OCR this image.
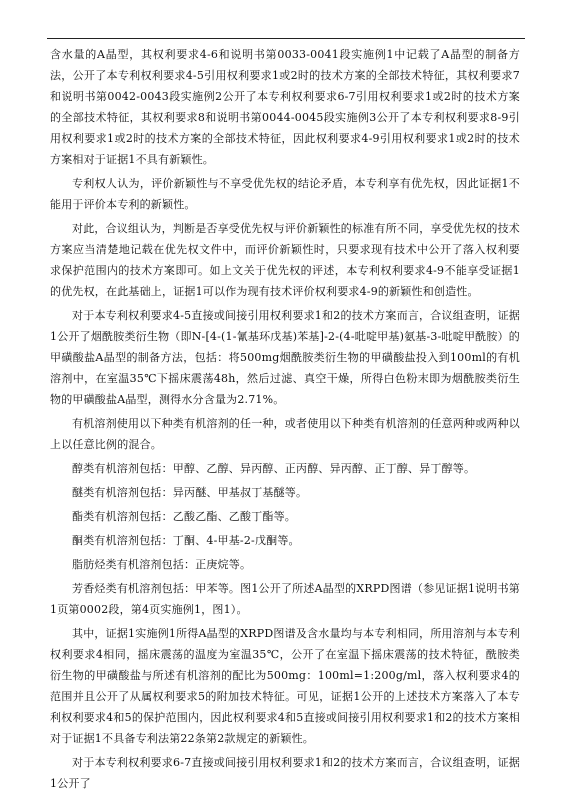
含水量的A晶型，其权利要求4-6和说明书第0033-0041段实施例1中记载了A晶型的制备方法，公开了本专利权利要求4-5引用权利要求1或2时的技术方案的全部技术特征，其权利要求7和说明书第0042-0043段实施例2公开了本专利权利要求6-7引用权利要求1或2时的技术方案的全部技术特征，其权利要求8和说明书第0044-0045段实施例3公开了本专利权利要求8-9引用权利要求1或2时的技术方案的全部技术特征，因此权利要求4-9引用权利要求1或2时的技术方案相对于证据1不具有新颖性。

专利权人认为，评价新颖性与不享受优先权的结论矛盾，本专利享有优先权，因此证据1不能用于评价本专利的新颖性。

对此，合议组认为，判断是否享受优先权与评价新颖性的标准有所不同，享受优先权的技术方案应当清楚地记载在优先权文件中，而评价新颖性时，只要求现有技术中公开了落入权利要求保护范围内的技术方案即可。如上文关于优先权的评述，本专利权利要求4-9不能享受证据1的优先权，在此基础上，证据1可以作为现有技术评价权利要求4-9的新颖性和创造性。

对于本专利权利要求4-5直接或间接引用权利要求1和2的技术方案而言，合议组查明，证据1公开了烟酰胺类衍生物（即N-[4-(1-氰基环戊基)苯基]-2-(4-吡啶甲基)氨基-3-吡啶甲酰胺）的甲磺酸盐A晶型的制备方法，包括：将500mg烟酰胺类衍生物的甲磺酸盐投入到100ml的有机溶剂中，在室温35℃下摇床震荡48h，然后过滤、真空干燥，所得白色粉末即为烟酰胺类衍生物的甲磺酸盐A晶型，测得水分含量为2.71%。

有机溶剂使用以下种类有机溶剂的任一种，或者使用以下种类有机溶剂的任意两种或两种以上以任意比例的混合。

醇类有机溶剂包括：甲醇、乙醇、异丙醇、正丙醇、异丙醇、正丁醇、异丁醇等。

醚类有机溶剂包括：异丙醚、甲基叔丁基醚等。

酯类有机溶剂包括：乙酸乙酯、乙酸丁酯等。

酮类有机溶剂包括：丁酮、4-甲基-2-戊酮等。

脂肪烃类有机溶剂包括：正庚烷等。

芳香烃类有机溶剂包括：甲苯等。图1公开了所述A晶型的XRPD图谱（参见证据1说明书第1页第0002段，第4页实施例1，图1）。

其中，证据1实施例1所得A晶型的XRPD图谱及含水量均与本专利相同，所用溶剂与本专利权利要求4相同，摇床震荡的温度为室温35℃，公开了在室温下摇床震荡的技术特征，酰胺类衍生物的甲磺酸盐与所述有机溶剂的配比为500mg：100ml=1:200g/ml，落入权利要求4的范围并且公开了从属权利要求5的附加技术特征。可见，证据1公开的上述技术方案落入了本专利权利要求4和5的保护范围内，因此权利要求4和5直接或间接引用权利要求1和2的技术方案相对于证据1不具备专利法第22条第2款规定的新颖性。

对于本专利权利要求6-7直接或间接引用权利要求1和2的技术方案而言，合议组查明，证据1公开了
